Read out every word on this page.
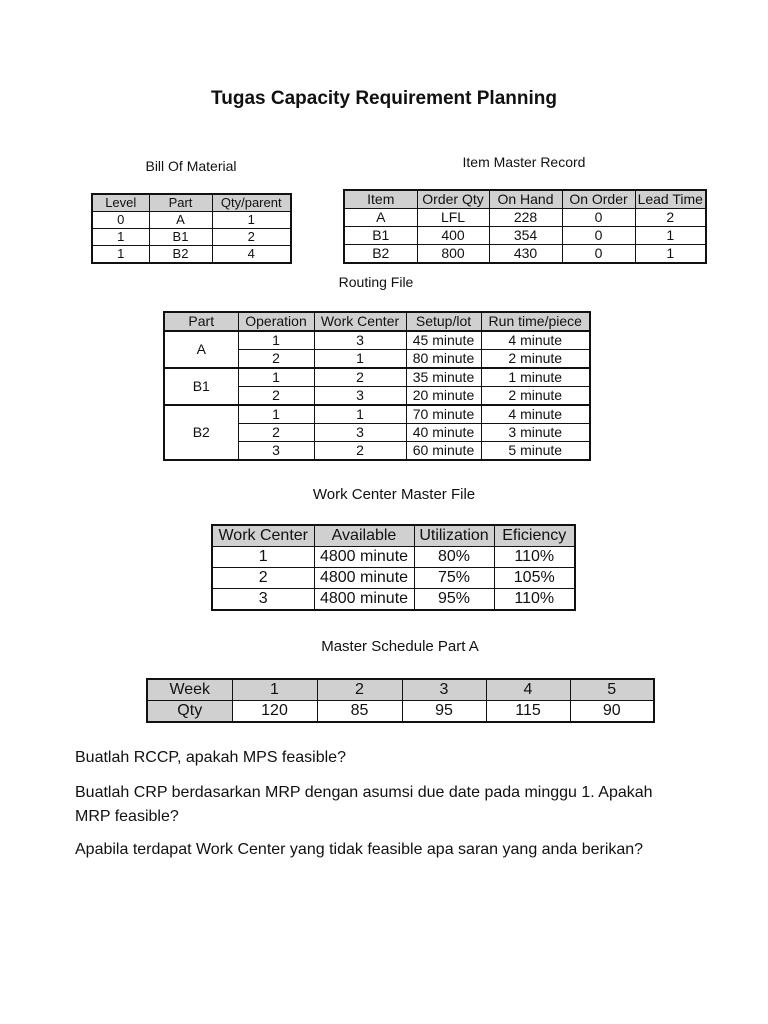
Tugas Capacity Requirement Planning
Bill Of Material
Level	Part	Qty/parent
0	A	1
1	B1	2
1	B2	4
Item Master Record
Item	Order Qty	On Hand	On Order	Lead Time
A	LFL	228	0	2
B1	400	354	0	1
B2	800	430	0	1
Routing File
Part	Operation	Work Center	Setup/lot	Run time/piece
A	1	3	45 minute	4 minute
	2	1	80 minute	2 minute
B1	1	2	35 minute	1 minute
	2	3	20 minute	2 minute
B2	1	1	70 minute	4 minute
	2	3	40 minute	3 minute
	3	2	60 minute	5 minute
Work Center Master File
Work Center	Available	Utilization	Eficiency
1	4800 minute	80%	110%
2	4800 minute	75%	105%
3	4800 minute	95%	110%
Master Schedule Part A
Week	1	2	3	4	5
Qty	120	85	95	115	90
Buatlah RCCP, apakah MPS feasible?
Buatlah CRP berdasarkan MRP dengan asumsi due date pada minggu 1. Apakah MRP feasible?
Apabila terdapat Work Center yang tidak feasible apa saran yang anda berikan?
